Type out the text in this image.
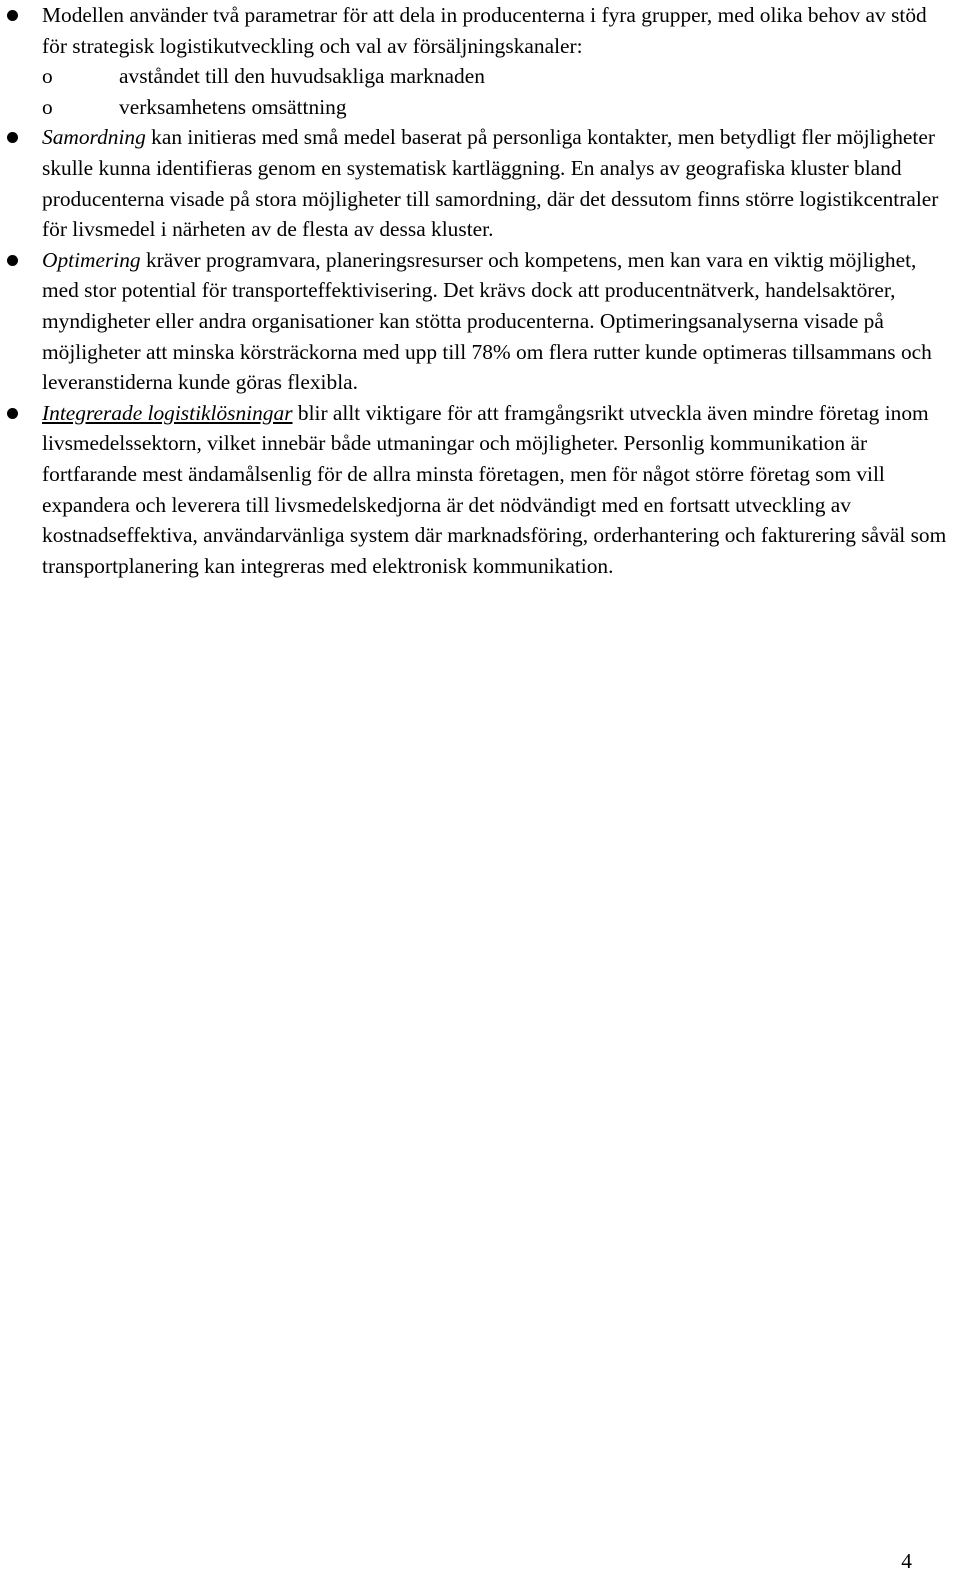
Modellen använder två parametrar för att dela in producenterna i fyra grupper, med olika behov av stöd för strategisk logistikutveckling och val av försäljningskanaler:

o	avståndet till den huvudsakliga marknaden
o	verksamhetens omsättning

Samordning kan initieras med små medel baserat på personliga kontakter, men betydligt fler möjligheter skulle kunna identifieras genom en systematisk kartläggning. En analys av geografiska kluster bland producenterna visade på stora möjligheter till samordning, där det dessutom finns större logistikcentraler för livsmedel i närheten av de flesta av dessa kluster.

Optimering kräver programvara, planeringsresurser och kompetens, men kan vara en viktig möjlighet, med stor potential för transporteffektivisering. Det krävs dock att producentnätverk, handelsaktörer, myndigheter eller andra organisationer kan stötta producenterna. Optimeringsanalyserna visade på möjligheter att minska körsträckorna med upp till 78% om flera rutter kunde optimeras tillsammans och leveranstiderna kunde göras flexibla.

Integrerade logistiklösningar blir allt viktigare för att framgångsrikt utveckla även mindre företag inom livsmedelssektorn, vilket innebär både utmaningar och möjligheter. Personlig kommunikation är fortfarande mest ändamålsenlig för de allra minsta företagen, men för något större företag som vill expandera och leverera till livsmedelskedjorna är det nödvändigt med en fortsatt utveckling av kostnadseffektiva, användarvänliga system där marknadsföring, orderhantering och fakturering såväl som transportplanering kan integreras med elektronisk kommunikation.

4
